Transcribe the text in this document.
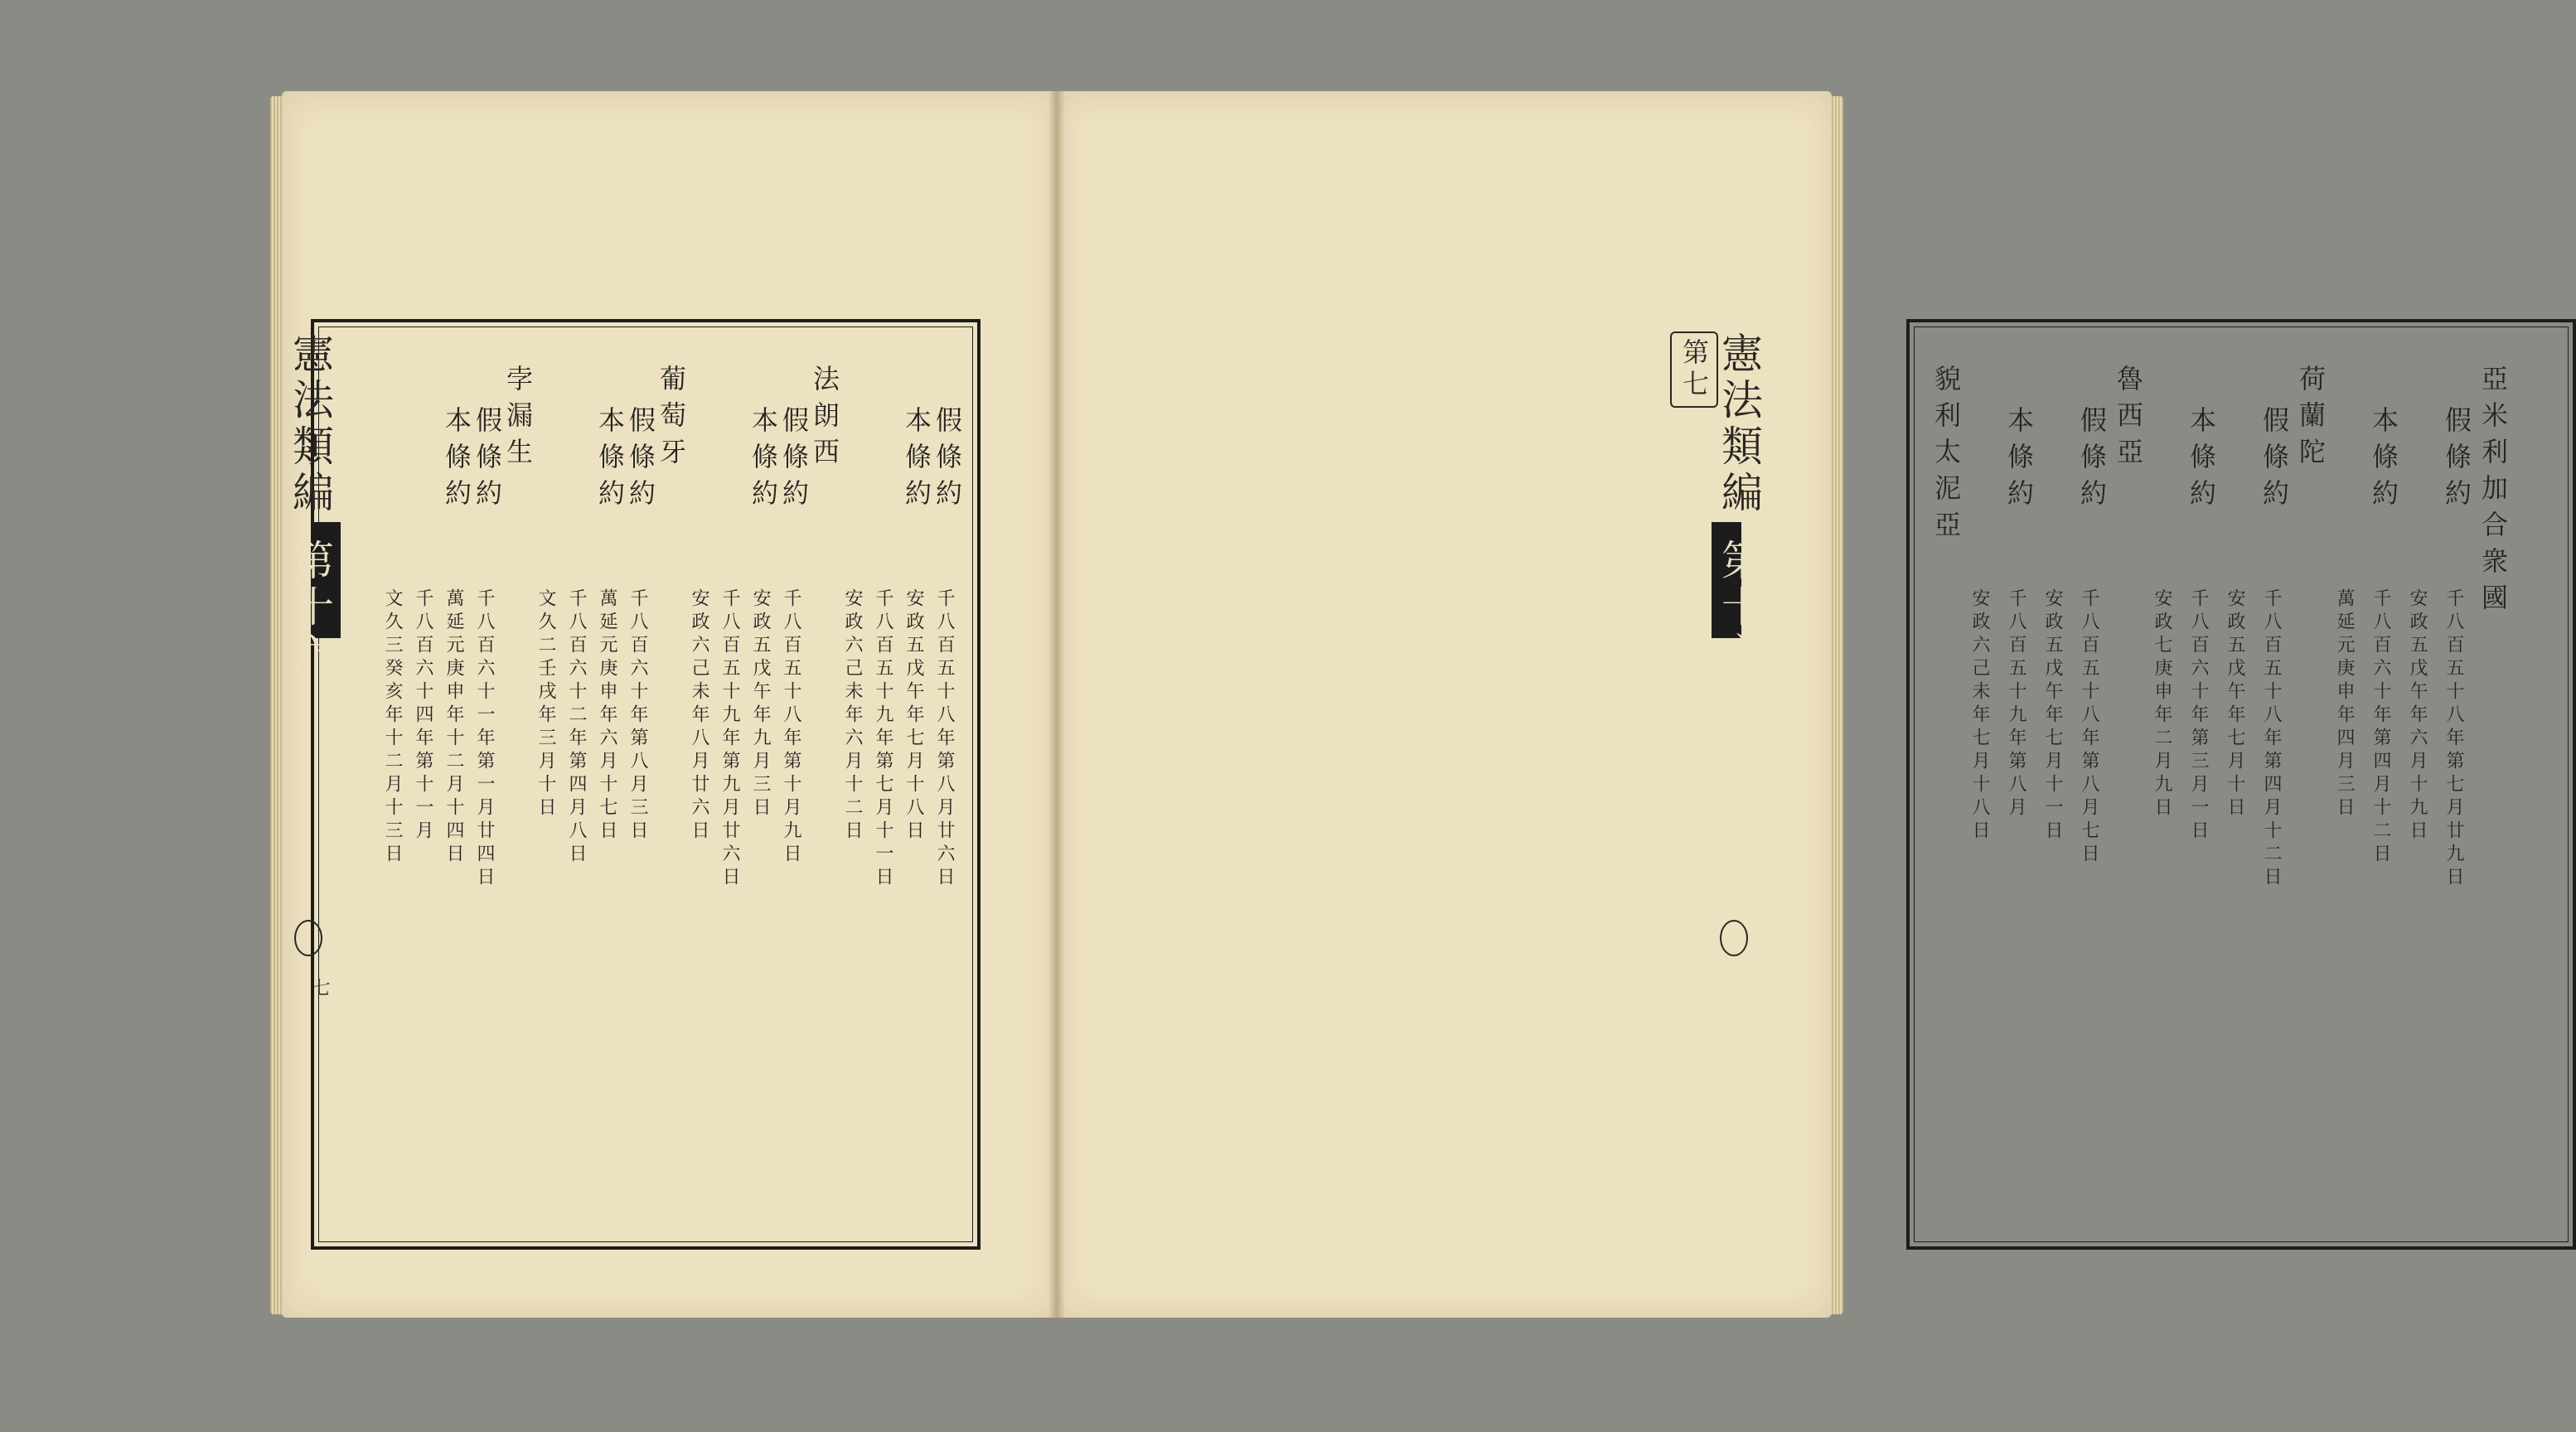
憲法類編
第十六
七
假條約
千八百五十八年第八月廿六日
本條約
安政五戊午年七月十八日
千八百五十九年第七月十一日
安政六己未年六月十二日
法朗西
假條約
千八百五十八年第十月九日
本條約
安政五戊午年九月三日
千八百五十九年第九月廿六日
安政六己未年八月廿六日
葡萄牙
假條約
千八百六十年第八月三日
本條約
萬延元庚申年六月十七日
千八百六十二年第四月八日
文久二壬戌年三月十日
孛漏生
假條約
千八百六十一年第一月廿四日
本條約
萬延元庚申年十二月十四日
千八百六十四年第十一月
文久三癸亥年十二月十三日
憲法類編
第十六
第七	亞米利加合衆國
假條約
千八百五十八年第七月廿九日
安政五戊午年六月十九日
本條約
千八百六十年第四月十二日
萬延元庚申年四月三日
荷蘭陀
假條約
千八百五十八年第四月十二日
安政五戊午年七月十日
本條約
千八百六十年第三月一日
安政七庚申年二月九日
魯西亞
假條約
千八百五十八年第八月七日
安政五戊午年七月十一日
本條約
千八百五十九年第八月
安政六己未年七月十八日
貌利太泥亞
